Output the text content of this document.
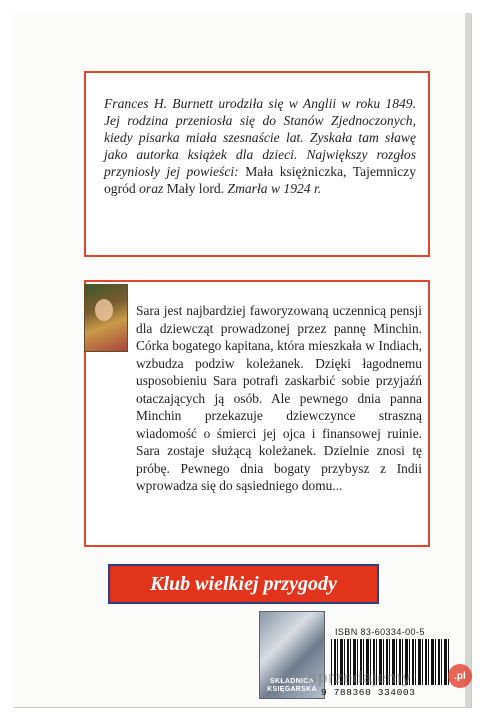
Frances H. Burnett urodziła się w Anglii w roku 1849. Jej rodzina przeniosła się do Stanów Zjednoczonych, kiedy pisarka miała szesnaście lat. Zyskała tam sławę jako autorka książek dla dzieci. Największy rozgłos przyniosły jej powieści: Mała księżniczka, Tajemniczy ogród oraz Mały lord. Zmarła w 1924 r.
Sara jest najbardziej faworyzowaną uczennicą pensji dla dziewcząt prowadzonej przez pannę Minchin. Córka bogatego kapitana, która mieszkała w Indiach, wzbudza podziw koleżanek. Dzięki łagodnemu usposobieniu Sara potrafi zaskarbić sobie przyjaźń otaczających ją osób. Ale pewnego dnia panna Minchin przekazuje dziewczynce straszną wiadomość o śmierci jej ojca i finansowej ruinie. Sara zostaje służącą koleżanek. Dzielnie znosi tę próbę. Pewnego dnia bogaty przybysz z Indii wprowadza się do sąsiedniego domu...
Klub wielkiej przygody
SKŁADNICA KSIĘGARSKA
ISBN 83-60334-00-5
9 788360 334003
sprzedajemy	.pl
